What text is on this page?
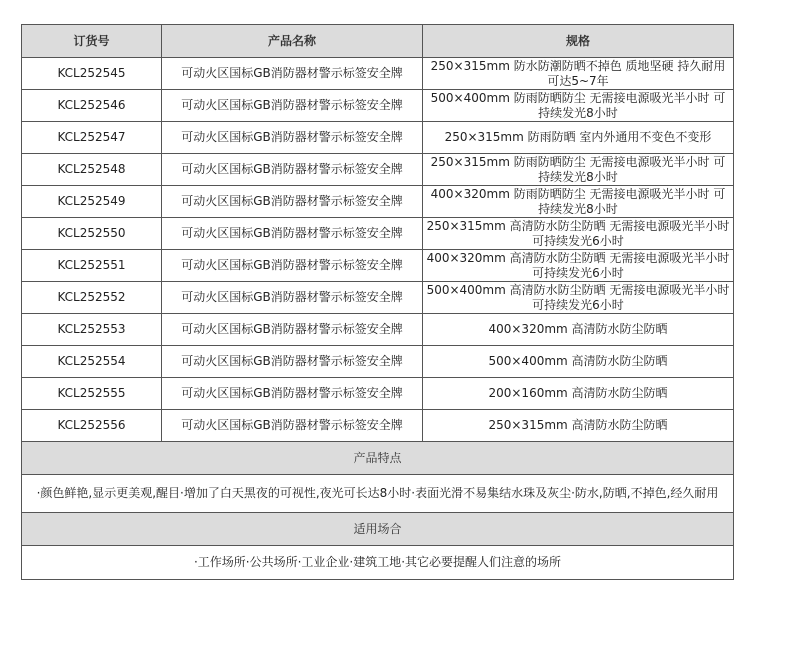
订货号	产品名称	规格
KCL252545	可动火区国标GB消防器材警示标签安全牌	250×315mm 防水防潮防晒不掉色 质地坚硬 持久耐用可达5~7年
KCL252546	可动火区国标GB消防器材警示标签安全牌	500×400mm 防雨防晒防尘 无需接电源吸光半小时 可持续发光8小时
KCL252547	可动火区国标GB消防器材警示标签安全牌	250×315mm 防雨防晒 室内外通用不变色不变形
KCL252548	可动火区国标GB消防器材警示标签安全牌	250×315mm 防雨防晒防尘 无需接电源吸光半小时 可持续发光8小时
KCL252549	可动火区国标GB消防器材警示标签安全牌	400×320mm 防雨防晒防尘 无需接电源吸光半小时 可持续发光8小时
KCL252550	可动火区国标GB消防器材警示标签安全牌	250×315mm 高清防水防尘防晒 无需接电源吸光半小时 可持续发光6小时
KCL252551	可动火区国标GB消防器材警示标签安全牌	400×320mm 高清防水防尘防晒 无需接电源吸光半小时 可持续发光6小时
KCL252552	可动火区国标GB消防器材警示标签安全牌	500×400mm 高清防水防尘防晒 无需接电源吸光半小时 可持续发光6小时
KCL252553	可动火区国标GB消防器材警示标签安全牌	400×320mm 高清防水防尘防晒
KCL252554	可动火区国标GB消防器材警示标签安全牌	500×400mm 高清防水防尘防晒
KCL252555	可动火区国标GB消防器材警示标签安全牌	200×160mm 高清防水防尘防晒
KCL252556	可动火区国标GB消防器材警示标签安全牌	250×315mm 高清防水防尘防晒
产品特点		
·颜色鲜艳,显示更美观,醒目·增加了白天黑夜的可视性,夜光可长达8小时·表面光滑不易集结水珠及灰尘·防水,防晒,不掉色,经久耐用		
适用场合		
·工作场所·公共场所·工业企业·建筑工地·其它必要提醒人们注意的场所		
